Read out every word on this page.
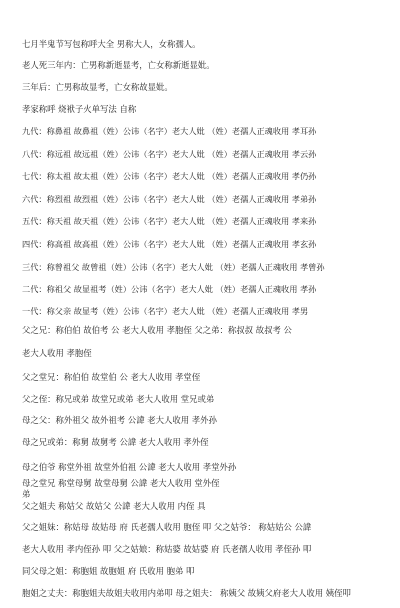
七月半鬼节写包称呼大全 男称大人，女称孺人。
老人死三年内：亡男称新逝显考，亡女称新逝显妣。
三年后：亡男称故显考，亡女称故显妣。
孝家称呼 烧袱子火单写法 自称
九代：称鼻祖 故鼻祖（姓）公讳（名字）老大人妣 （姓）老孺人正魂收用 孝耳孙
八代：称远祖 故远祖（姓）公讳（名字）老大人妣 （姓）老孺人正魂收用 孝云孙
七代：称太祖 故太祖（姓）公讳（名字）老大人妣 （姓）老孺人正魂收用 孝仍孙
六代：称烈祖 故烈祖（姓）公讳（名字）老大人妣 （姓）老孺人正魂收用 孝弟孙
五代：称天祖 故天祖（姓）公讳（名字）老大人妣 （姓）老孺人正魂收用 孝来孙
四代：称高祖 故高祖（姓）公讳（名字）老大人妣 （姓）老孺人正魂收用 孝玄孙
三代：称曾祖父 故曾祖（姓）公讳（名字）老大人妣 （姓）老孺人正魂收用 孝曾孙
二代：称祖父 故显祖考（姓）公讳（名字）老大人妣 （姓）老孺人正魂收用 孝孙
一代：称父亲 故显考（姓）公讳（名字）老大人妣 （姓）老孺人正魂收用 孝男
父之兄：称伯伯 故伯考 公 老大人收用 孝胞侄 父之弟：称叔叔 故叔考 公
老大人收用 孝胞侄
父之堂兄：称伯伯 故堂伯 公 老大人收用 孝堂侄
父之侄：称兄或弟 故堂兄或弟 老大人收用 堂兄或弟
母之父：称外祖父 故外祖考 公諱 老大人收用 孝外孙
母之兄或弟：称舅 故舅考 公諱 老大人收用 孝外侄
母之伯爷 称堂外祖 故堂外伯祖 公諱 老大人收用 孝堂外孙
母之堂兄 称堂母舅 故堂母舅 公諱 老大人收用 堂外侄
弟
父之姐夫 称姑父 故姑父 公諱 老大人收用 内侄 具
父之姐妹：称姑母 故姑母 府 氏老孺人收用 胞侄 叩 父之姑爷： 称姑姑公 公諱
老大人收用 孝内侄孙 叩 父之姑娘：称姑婆 故姑婆 府 氏老孺人收用 孝侄孙 叩
同父母之姐：称胞姐 故胞姐 府 氏收用 胞弟 叩
胞姐之丈夫：称胞姐夫故姐夫收用内弟叩 母之姐夫： 称姨父 故姨父府老大人收用 姨侄叩
